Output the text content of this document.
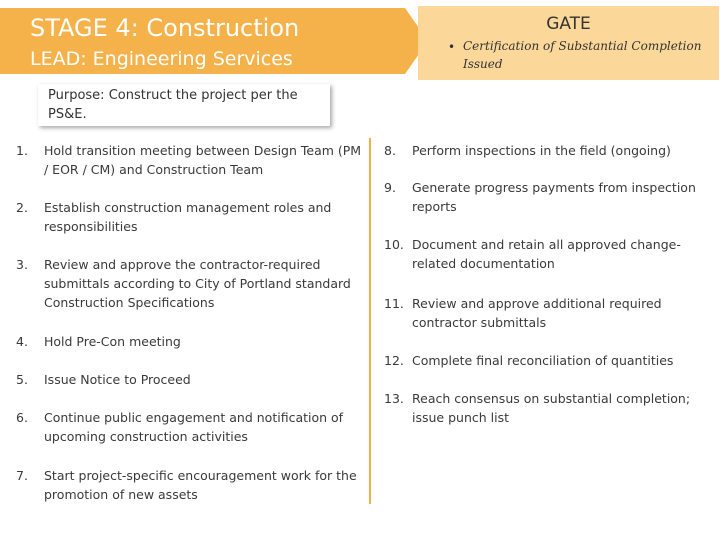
STAGE 4: Construction
LEAD: Engineering Services
GATE
• Certification of Substantial Completion Issued
Purpose: Construct the project per the PS&E.
1. Hold transition meeting between Design Team (PM / EOR / CM) and Construction Team
2. Establish construction management roles and responsibilities
3. Review and approve the contractor-required submittals according to City of Portland standard Construction Specifications
4. Hold Pre-Con meeting
5. Issue Notice to Proceed
6. Continue public engagement and notification of upcoming construction activities
7. Start project-specific encouragement work for the promotion of new assets
8. Perform inspections in the field (ongoing)
9. Generate progress payments from inspection reports
10. Document and retain all approved change-related documentation
11. Review and approve additional required contractor submittals
12. Complete final reconciliation of quantities
13. Reach consensus on substantial completion; issue punch list
